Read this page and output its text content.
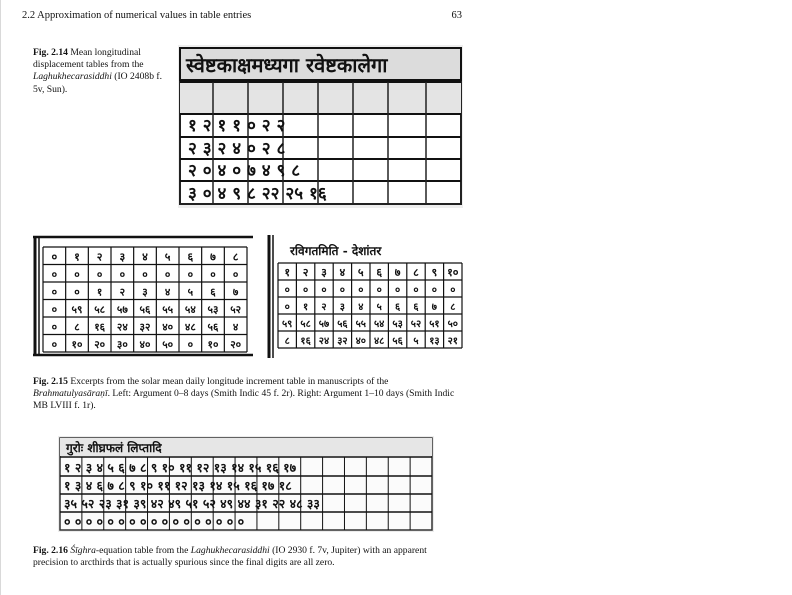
2.2 Approximation of numerical values in table entries	63
Fig. 2.14 Mean longitudinal displacement tables from the Laghukhecarasiddhi (IO 2408b f. 5v, Sun).
स्वेष्टकाक्षमध्यगा रवेष्टकालेगा
१ २ १ १ ० २ २
२ ३ २ ४ ० २ ८
२ ० ४ ० ७ ४ ९ ८
३ ० ४ ९ ८ २२ २५ १६
० १ २ ३ ४ ५ ६ ७ ८
० ० ० ० ० ० ० ० ०
० ० १ २ ३ ४ ५ ६ ७
० ५९ ५८ ५७ ५६ ५५ ५४ ५३ ५२
० ८ १६ २४ ३२ ४० ४८ ५६ ४
० १० २० ३० ४० ५० ० १० २०
रविगतमिति - देशांतर
१ २ ३ ४ ५ ६ ७ ८ ९ १०
० ० ० ० ० ० ० ० ० ०
० १ २ ३ ४ ५ ६ ६ ७ ८
५९ ५८ ५७ ५६ ५५ ५४ ५३ ५२ ५१ ५०
८ १६ २४ ३२ ४० ४८ ५६ ५ १३ २१
Fig. 2.15 Excerpts from the solar mean daily longitude increment table in manuscripts of the Brahmatulyasāraṇī. Left: Argument 0–8 days (Smith Indic 45 f. 2r). Right: Argument 1–10 days (Smith Indic MB LVIII f. 1r).
गुरोः शीघ्रफलं लिप्तादि
१ २ ३ ४ ५ ६ ७ ८ ९ १० ११ १२ १३ १४ १५ १६ १७
१ ३ ४ ६ ७ ८ ९ १० ११ १२ १३ १४ १५ १६ १७ १८
३५ ५२ २३ ३१ ३९ ४२ ४९ ५१ ५२ ४९ ४४ ३१ २२ ४८ ३३
० ० ० ० ० ० ० ० ० ० ० ० ० ० ० ० ०
Fig. 2.16 Śīghra-equation table from the Laghukhecarasiddhi (IO 2930 f. 7v, Jupiter) with an apparent precision to arcthirds that is actually spurious since the final digits are all zero.
